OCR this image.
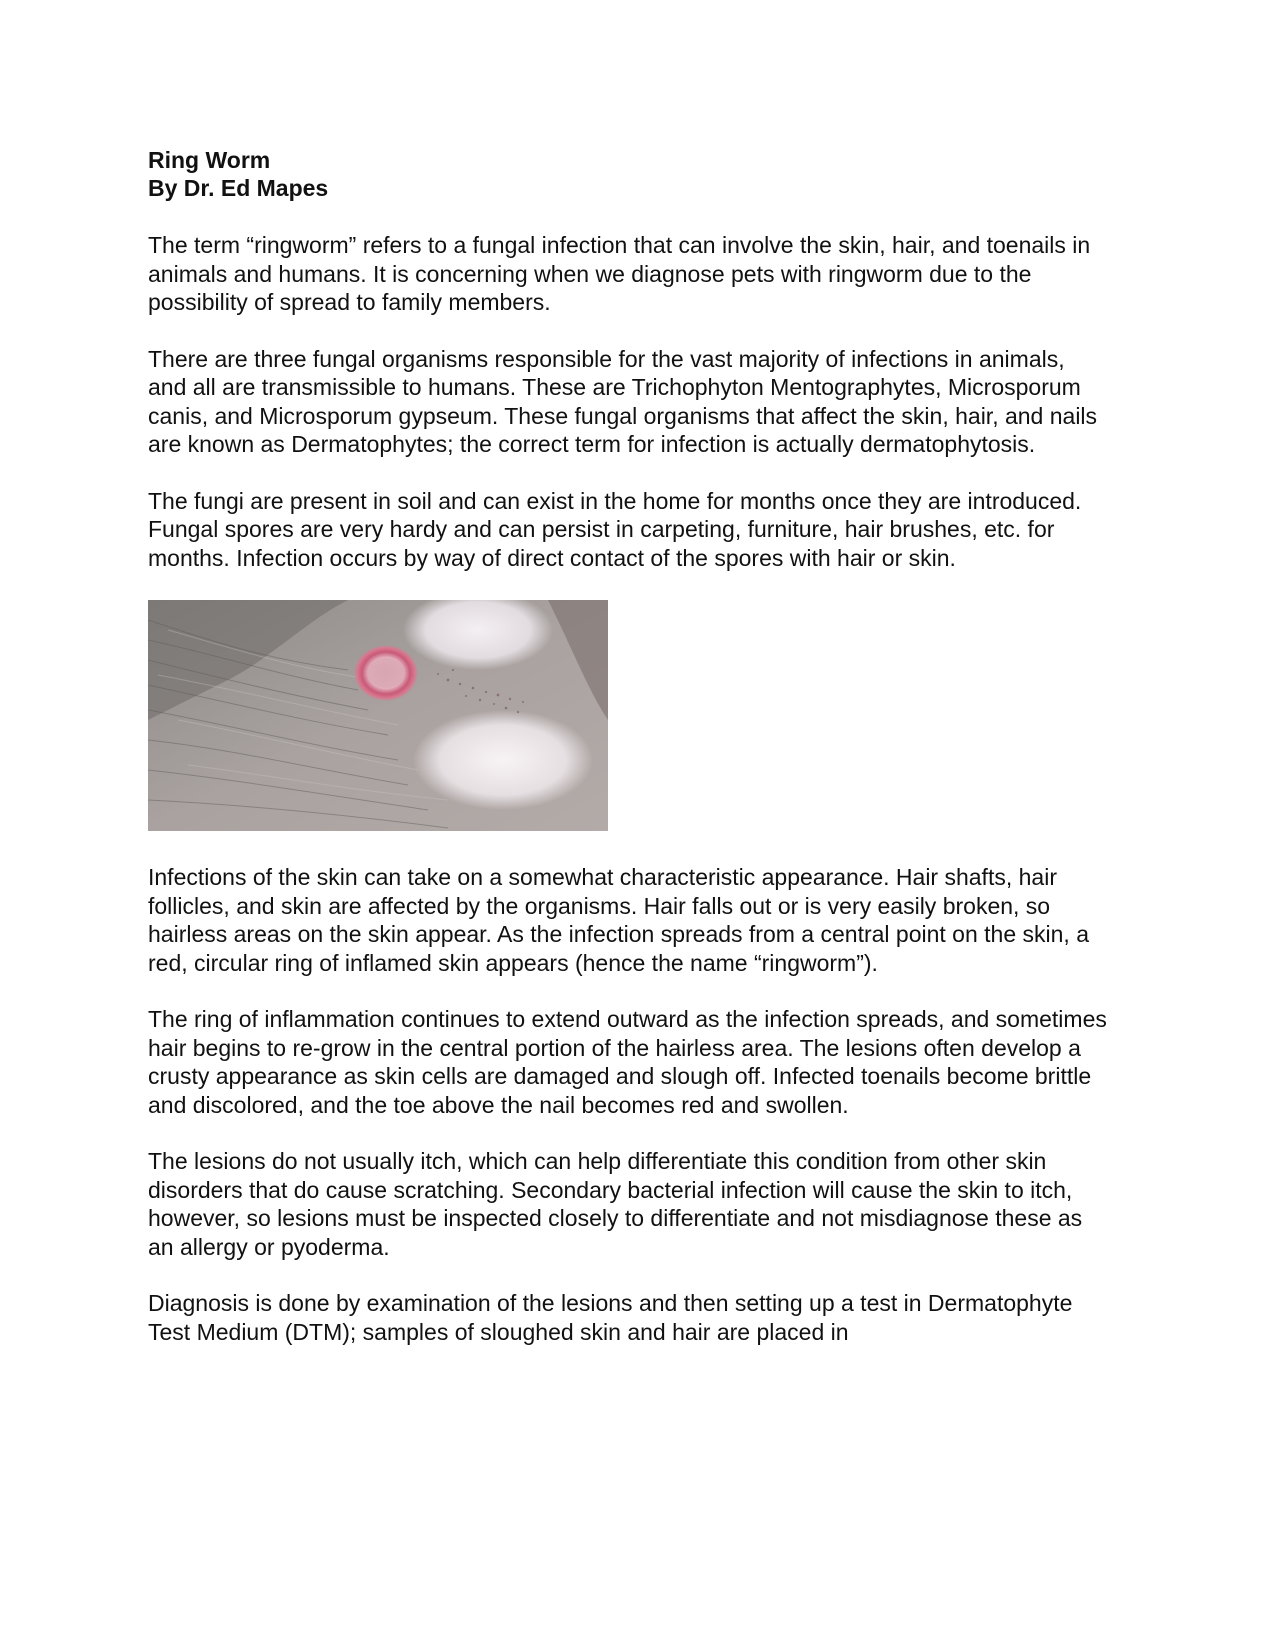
Ring Worm

By Dr. Ed Mapes

The term “ringworm” refers to a fungal infection that can involve the skin, hair, and toenails in animals and humans. It is concerning when we diagnose pets with ringworm due to the possibility of spread to family members.

There are three fungal organisms responsible for the vast majority of infections in animals, and all are transmissible to humans. These are Trichophyton Mentographytes, Microsporum canis, and Microsporum gypseum. These fungal organisms that affect the skin, hair, and nails are known as Dermatophytes; the correct term for infection is actually dermatophytosis.

The fungi are present in soil and can exist in the home for months once they are introduced. Fungal spores are very hardy and can persist in carpeting, furniture, hair brushes, etc. for months. Infection occurs by way of direct contact of the spores with hair or skin.

Infections of the skin can take on a somewhat characteristic appearance. Hair shafts, hair follicles, and skin are affected by the organisms. Hair falls out or is very easily broken, so hairless areas on the skin appear. As the infection spreads from a central point on the skin, a red, circular ring of inflamed skin appears (hence the name “ringworm”).

The ring of inflammation continues to extend outward as the infection spreads, and sometimes hair begins to re-grow in the central portion of the hairless area. The lesions often develop a crusty appearance as skin cells are damaged and slough off. Infected toenails become brittle and discolored, and the toe above the nail becomes red and swollen.

The lesions do not usually itch, which can help differentiate this condition from other skin disorders that do cause scratching. Secondary bacterial infection will cause the skin to itch, however, so lesions must be inspected closely to differentiate and not misdiagnose these as an allergy or pyoderma.

Diagnosis is done by examination of the lesions and then setting up a test in Dermatophyte Test Medium (DTM); samples of sloughed skin and hair are placed in
